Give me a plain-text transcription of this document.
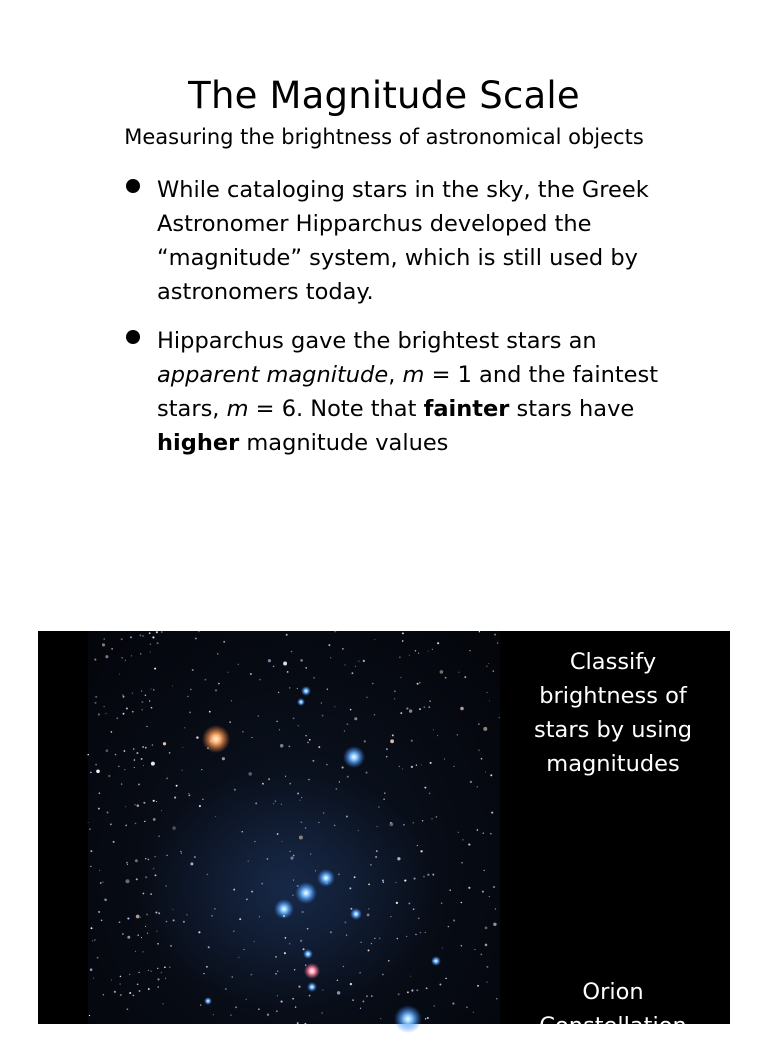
The Magnitude Scale

Measuring the brightness of astronomical objects

While cataloging stars in the sky, the Greek Astronomer Hipparchus developed the “magnitude” system, which is still used by astronomers today.
Hipparchus gave the brightest stars an apparent magnitude, m = 1 and the faintest stars, m = 6. Note that fainter stars have higher magnitude values

Classify brightness of stars by using magnitudes

Orion Constellation
